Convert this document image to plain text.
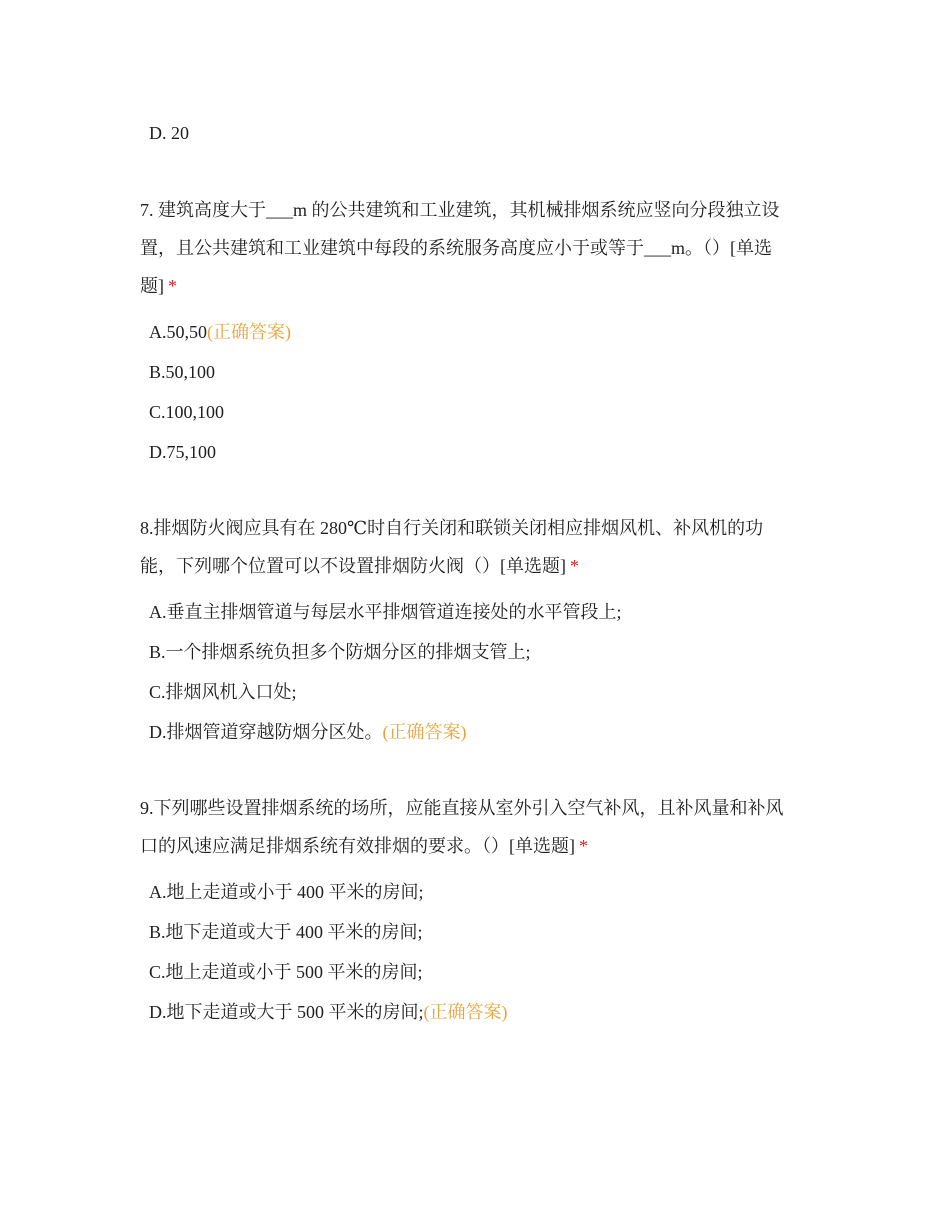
D. 20
7. 建筑高度大于___m 的公共建筑和工业建筑，其机械排烟系统应竖向分段独立设
置，且公共建筑和工业建筑中每段的系统服务高度应小于或等于___m。（）[单选
题] *
A.50,50(正确答案)
B.50,100
C.100,100
D.75,100
8.排烟防火阀应具有在 280℃时自行关闭和联锁关闭相应排烟风机、补风机的功
能，下列哪个位置可以不设置排烟防火阀（）[单选题] *
A.垂直主排烟管道与每层水平排烟管道连接处的水平管段上;
B.一个排烟系统负担多个防烟分区的排烟支管上;
C.排烟风机入口处;
D.排烟管道穿越防烟分区处。(正确答案)
9.下列哪些设置排烟系统的场所，应能直接从室外引入空气补风，且补风量和补风
口的风速应满足排烟系统有效排烟的要求。（）[单选题] *
A.地上走道或小于 400 平米的房间;
B.地下走道或大于 400 平米的房间;
C.地上走道或小于 500 平米的房间;
D.地下走道或大于 500 平米的房间;(正确答案)
